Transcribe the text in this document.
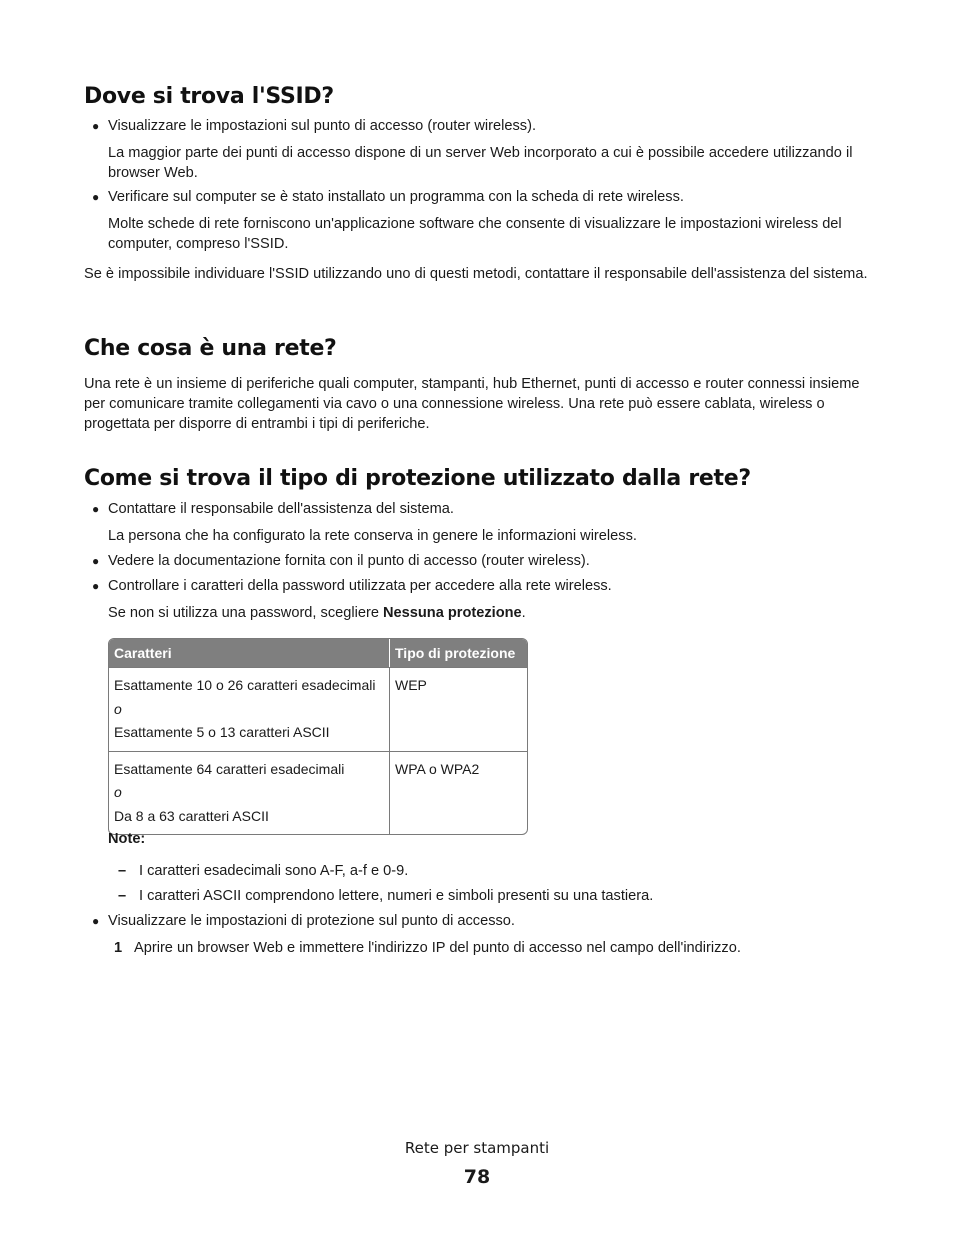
Dove si trova l'SSID?
● Visualizzare le impostazioni sul punto di accesso (router wireless).

La maggior parte dei punti di accesso dispone di un server Web incorporato a cui è possibile accedere utilizzando il browser Web.

● Verificare sul computer se è stato installato un programma con la scheda di rete wireless.

Molte schede di rete forniscono un'applicazione software che consente di visualizzare le impostazioni wireless del computer, compreso l'SSID.

Se è impossibile individuare l'SSID utilizzando uno di questi metodi, contattare il responsabile dell'assistenza del sistema.

Che cosa è una rete?

Una rete è un insieme di periferiche quali computer, stampanti, hub Ethernet, punti di accesso e router connessi insieme per comunicare tramite collegamenti via cavo o una connessione wireless. Una rete può essere cablata, wireless o progettata per disporre di entrambi i tipi di periferiche.

Come si trova il tipo di protezione utilizzato dalla rete?
● Contattare il responsabile dell'assistenza del sistema.

La persona che ha configurato la rete conserva in genere le informazioni wireless.

● Vedere la documentazione fornita con il punto di accesso (router wireless).

● Controllare i caratteri della password utilizzata per accedere alla rete wireless.

Se non si utilizza una password, scegliere Nessuna protezione.

Caratteri	Tipo di protezione

Esattamente 10 o 26 caratteri esadecimali
o
Esattamente 5 o 13 caratteri ASCII	WEP

Esattamente 64 caratteri esadecimali
o
Da 8 a 63 caratteri ASCII	WPA o WPA2

Note:

– I caratteri esadecimali sono A-F, a-f e 0-9.

– I caratteri ASCII comprendono lettere, numeri e simboli presenti su una tastiera.

● Visualizzare le impostazioni di protezione sul punto di accesso.

1 Aprire un browser Web e immettere l'indirizzo IP del punto di accesso nel campo dell'indirizzo.

Rete per stampanti
78
